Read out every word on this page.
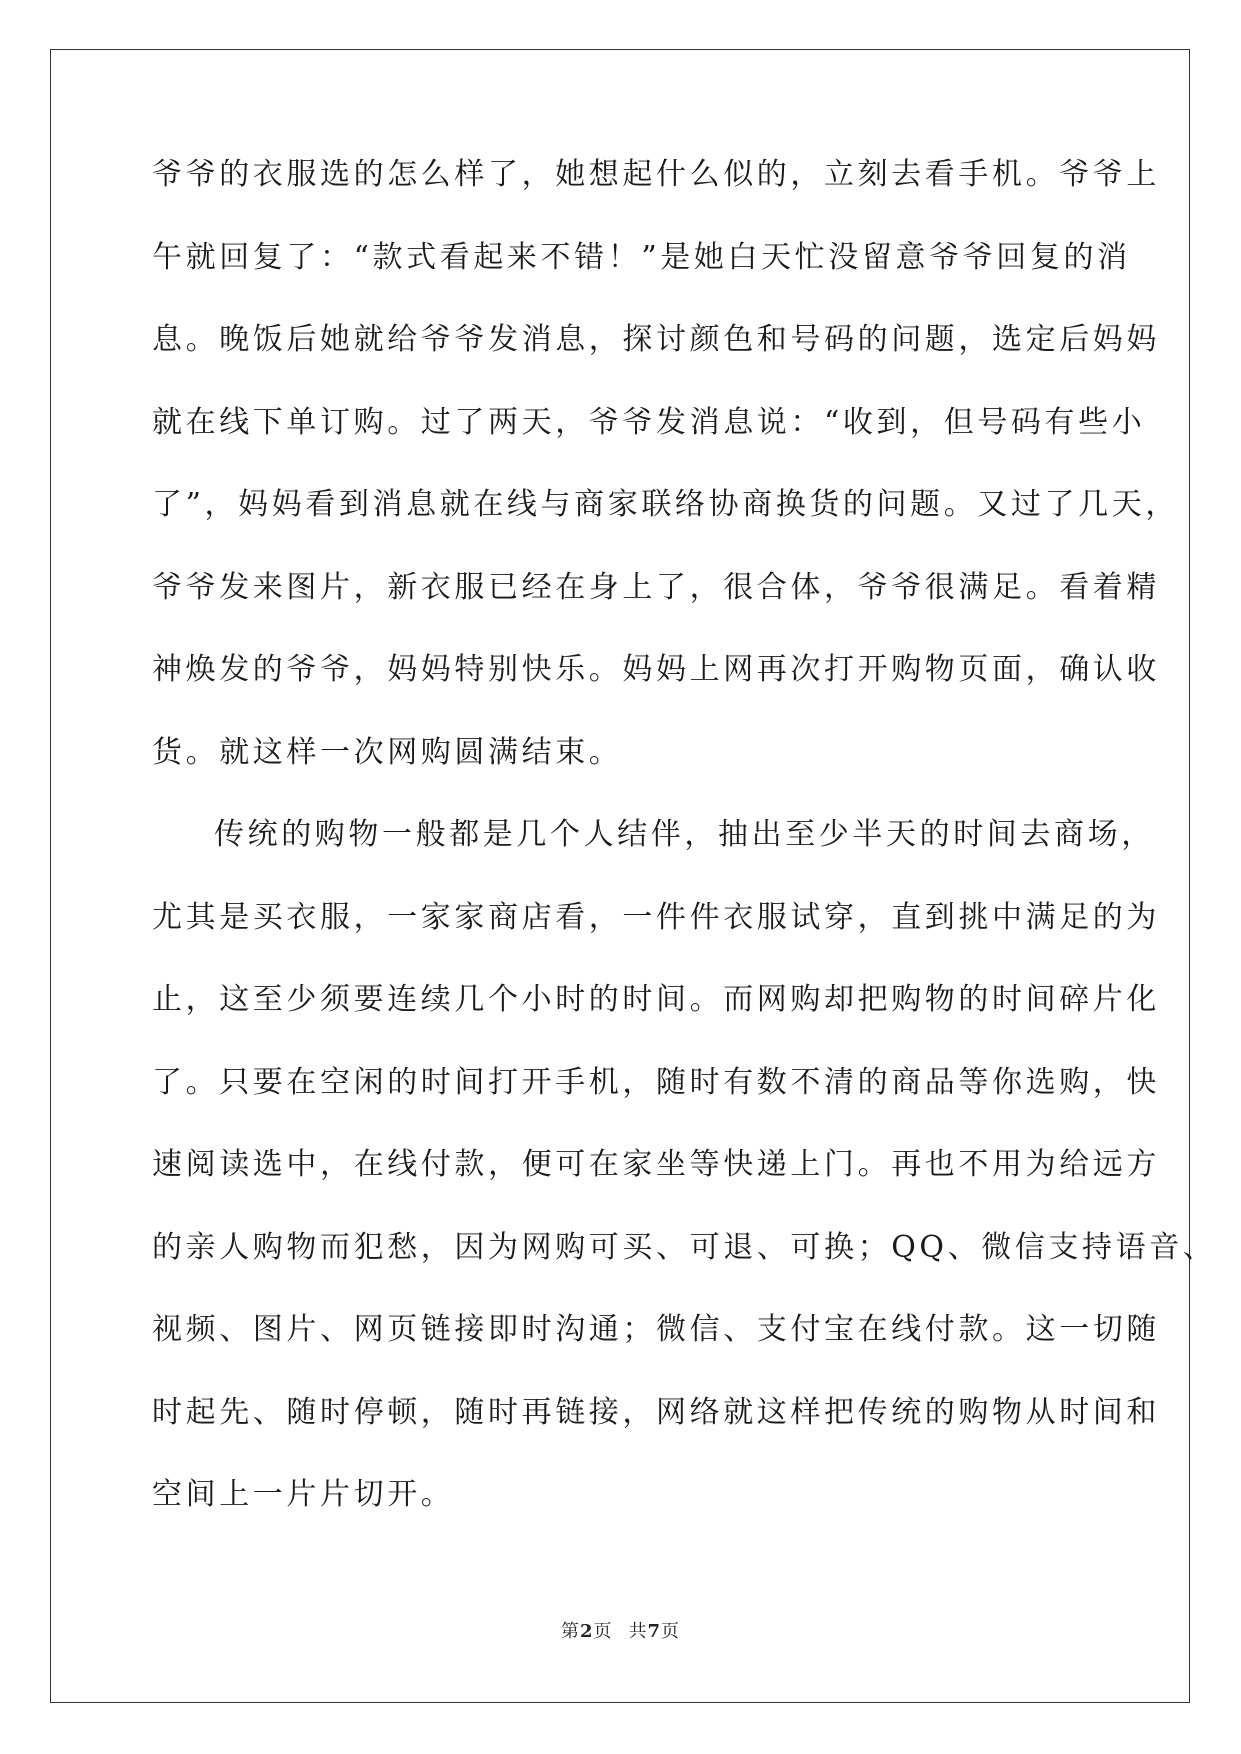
爷爷的衣服选的怎么样了，她想起什么似的，立刻去看手机。爷爷上
午就回复了：“款式看起来不错！”是她白天忙没留意爷爷回复的消
息。晚饭后她就给爷爷发消息，探讨颜色和号码的问题，选定后妈妈
就在线下单订购。过了两天，爷爷发消息说：“收到，但号码有些小
了”，妈妈看到消息就在线与商家联络协商换货的问题。又过了几天，
爷爷发来图片，新衣服已经在身上了，很合体，爷爷很满足。看着精
神焕发的爷爷，妈妈特别快乐。妈妈上网再次打开购物页面，确认收
货。就这样一次网购圆满结束。
传统的购物一般都是几个人结伴，抽出至少半天的时间去商场，
尤其是买衣服，一家家商店看，一件件衣服试穿，直到挑中满足的为
止，这至少须要连续几个小时的时间。而网购却把购物的时间碎片化
了。只要在空闲的时间打开手机，随时有数不清的商品等你选购，快
速阅读选中，在线付款，便可在家坐等快递上门。再也不用为给远方
的亲人购物而犯愁，因为网购可买、可退、可换；QQ、微信支持语音、
视频、图片、网页链接即时沟通；微信、支付宝在线付款。这一切随
时起先、随时停顿，随时再链接，网络就这样把传统的购物从时间和
空间上一片片切开。
第2页 共7页
